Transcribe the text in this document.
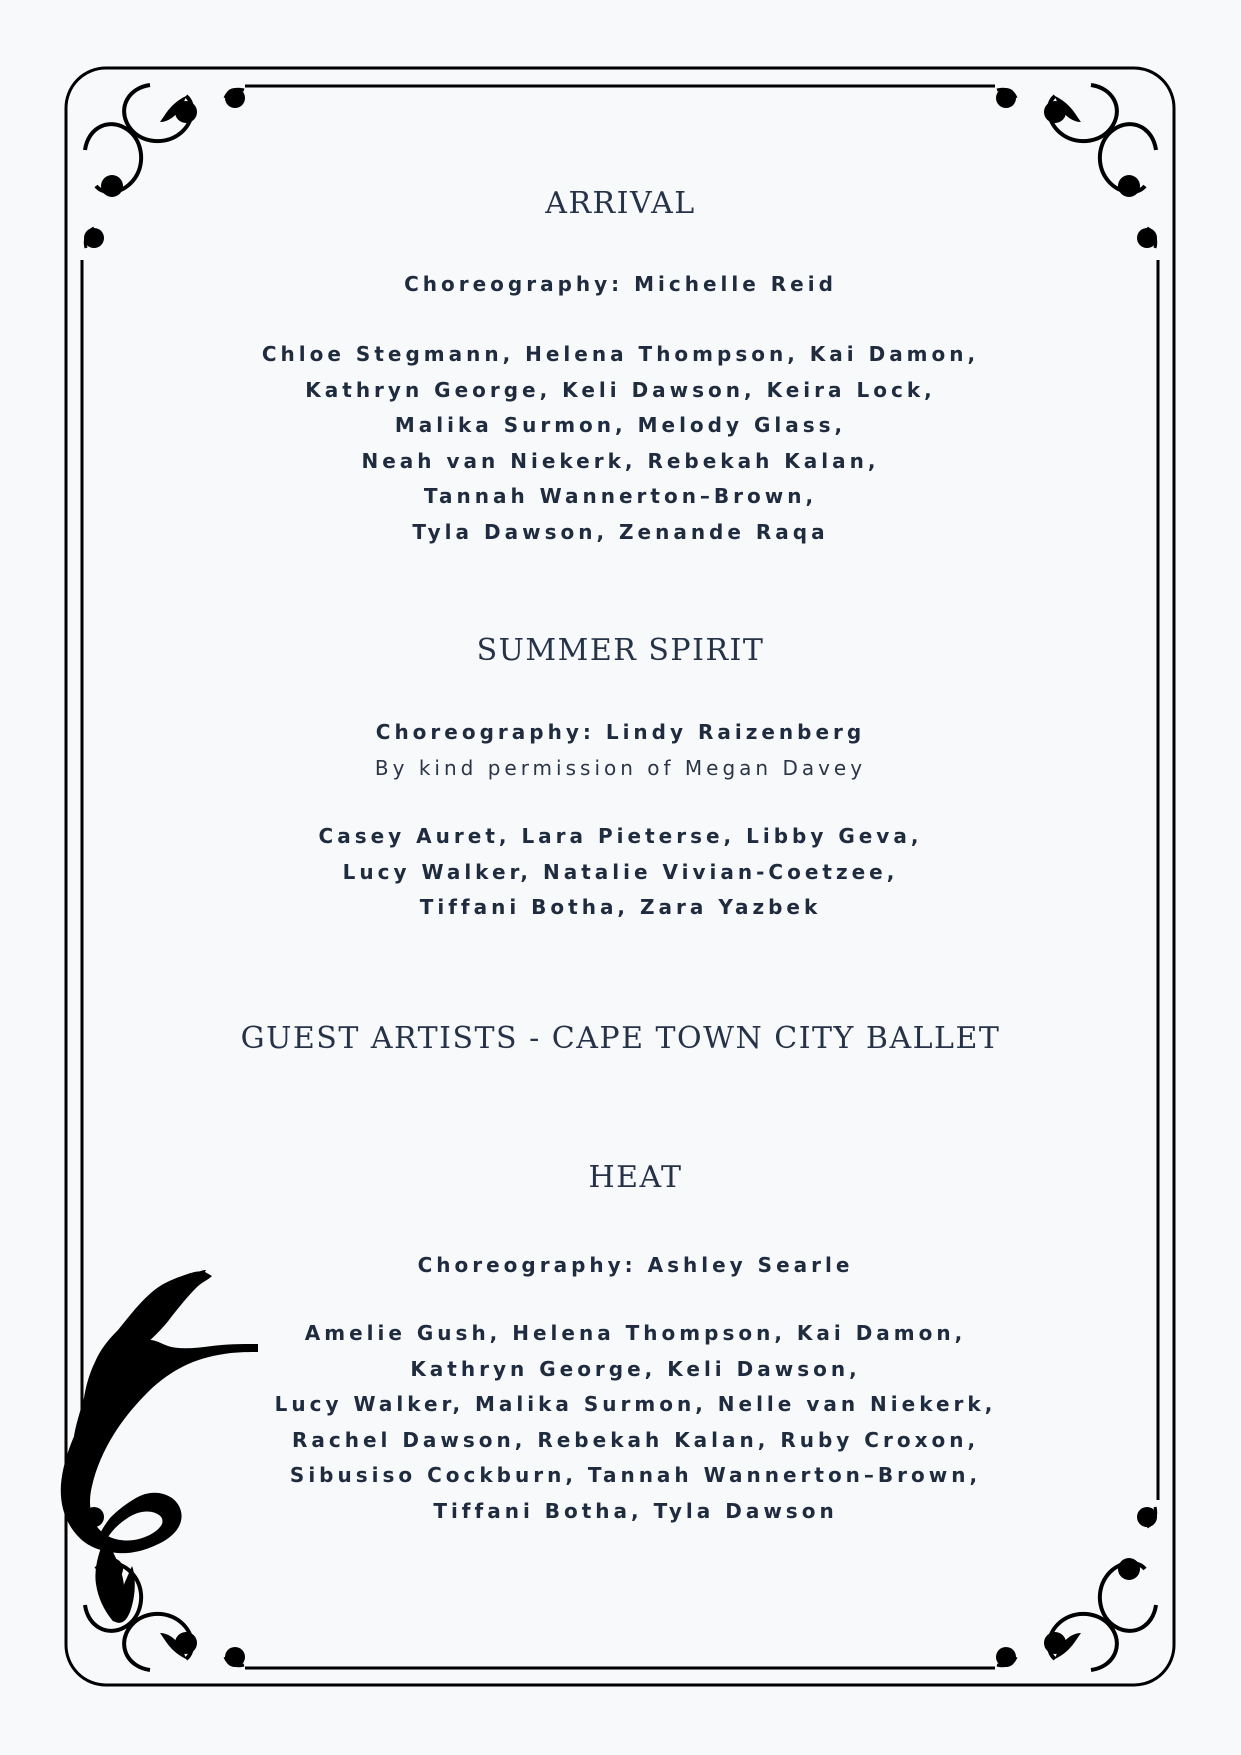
ARRIVAL
Choreography: Michelle Reid
Chloe Stegmann, Helena Thompson, Kai Damon,
Kathryn George, Keli Dawson, Keira Lock,
Malika Surmon, Melody Glass,
Neah van Niekerk, Rebekah Kalan,
Tannah Wannerton–Brown,
Tyla Dawson, Zenande Raqa
SUMMER SPIRIT
Choreography: Lindy Raizenberg
By kind permission of Megan Davey
Casey Auret, Lara Pieterse, Libby Geva,
Lucy Walker, Natalie Vivian-Coetzee,
Tiffani Botha, Zara Yazbek
GUEST ARTISTS - CAPE TOWN CITY BALLET
HEAT
Choreography: Ashley Searle
Amelie Gush, Helena Thompson, Kai Damon,
Kathryn George, Keli Dawson,
Lucy Walker, Malika Surmon, Nelle van Niekerk,
Rachel Dawson, Rebekah Kalan, Ruby Croxon,
Sibusiso Cockburn, Tannah Wannerton–Brown,
Tiffani Botha, Tyla Dawson
